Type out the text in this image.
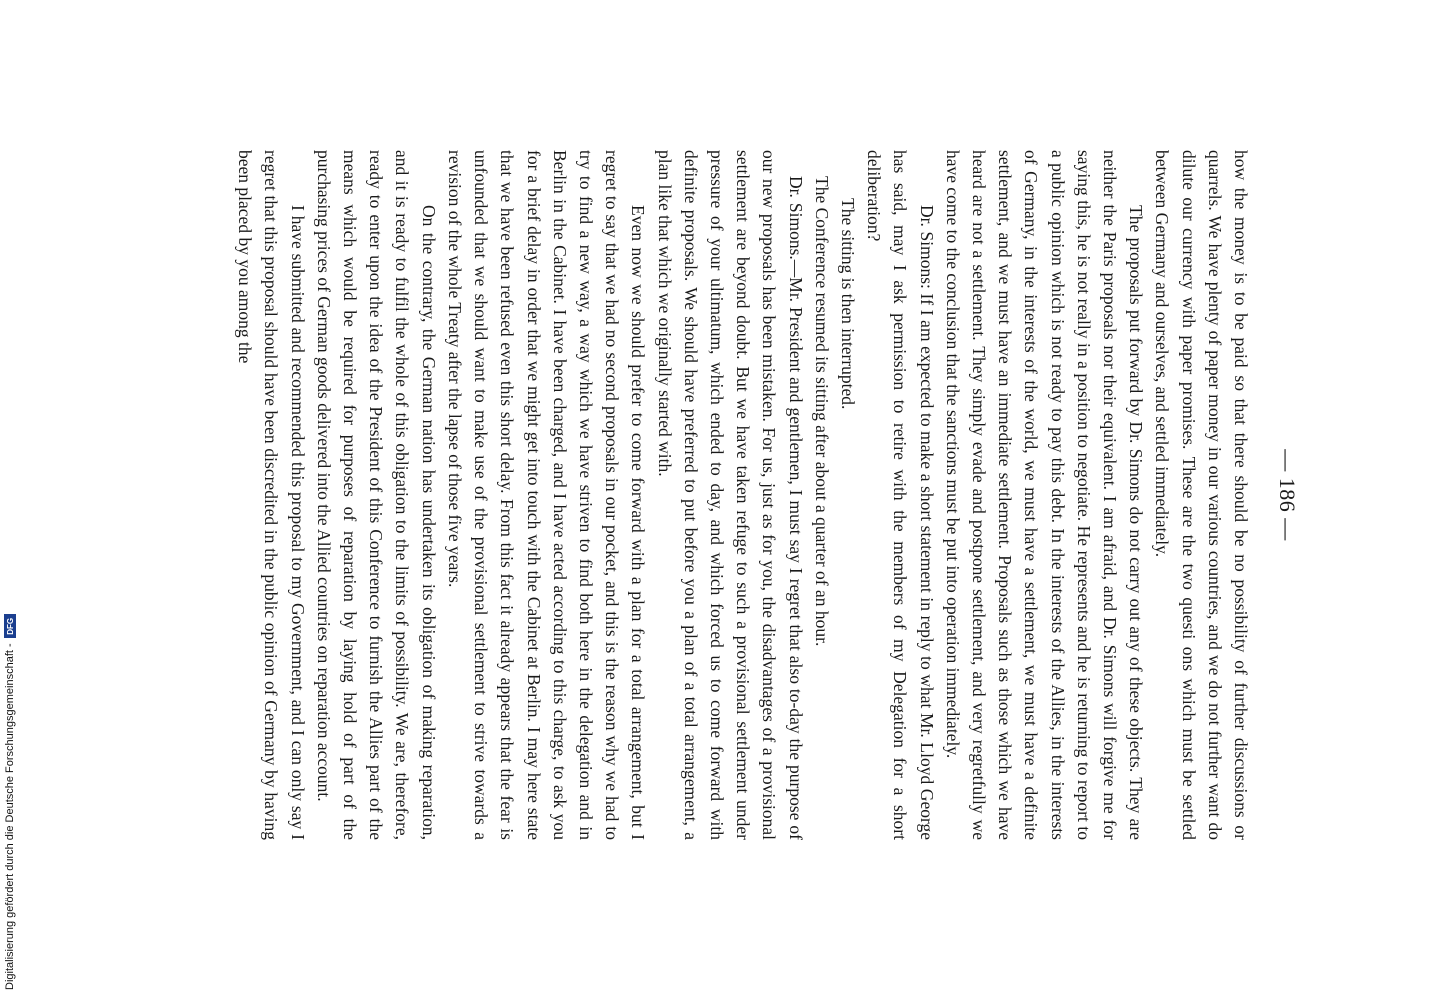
— 186 —

how the money is to be paid so that there should be no possibility of further discussions or quarrels. We have plenty of paper money in our various countries, and we do not further want do dilute our currency with paper promises. These are the two questi ons which must be settled between Germany and ourselves, and settled immediately.

The proposals put forward by Dr. Simons do not carry out any of these objects. They are neither the Paris proposals nor their equivalent. I am afraid, and Dr. Simons will forgive me for saying this, he is not really in a position to negotiate. He represents and he is returning to report to a public opinion which is not ready to pay this debt. In the interests of the Allies, in the interests of Germany, in the interests of the world, we must have a settlement, we must have a definite settlement, and we must have an immediate settlement. Proposals such as those which we have heard are not a settlement. They simply evade and postpone settlement, and very regretfully we have come to the conclusion that the sanctions must be put into operation immediately.

Dr. Simons: If I am expected to make a short statement in reply to what Mr. Lloyd George has said, may I ask permission to retire with the members of my Delegation for a short deliberation?

The sitting is then interrupted.

The Conference resumed its sitting after about a quarter of an hour.

Dr. Simons.—Mr. President and gentlemen, I must say I regret that also to-day the purpose of our new proposals has been mistaken. For us, just as for you, the disadvantages of a provisional settlement are beyond doubt. But we have taken refuge to such a provisional settlement under pressure of your ultimatum, which ended to day, and which forced us to come forward with definite proposals. We should have preferred to put before you a plan of a total arrangement, a plan like that which we originally started with.

Even now we should prefer to come forward with a plan for a total arrangement, but I regret to say that we had no second proposals in our pocket, and this is the reason why we had to try to find a new way, a way which we have striven to find both here in the delegation and in Berlin in the Cabinet. I have been charged, and I have acted according to this charge, to ask you for a brief delay in order that we might get into touch with the Cabinet at Berlin. I may here state that we have been refused even this short delay. From this fact it already appears that the fear is unfounded that we should want to make use of the provisional settlement to strive towards a revision of the whole Treaty after the lapse of those five years.

On the contrary, the German nation has undertaken its obligation of making reparation, and it is ready to fulfil the whole of this obligation to the limits of possibility. We are, therefore, ready to enter upon the idea of the President of this Conference to furnish the Allies part of the means which would be required for purposes of reparation by laying hold of part of the purchasing prices of German goods delivered into the Allied countries on reparation account.

I have submitted and recommended this proposal to my Government, and I can only say I regret that this proposal should have been discredited in the public opinion of Germany by having been placed by you among the

Digitalisierung gefördert durch die Deutsche Forschungsgemeinschaft -
DFG
